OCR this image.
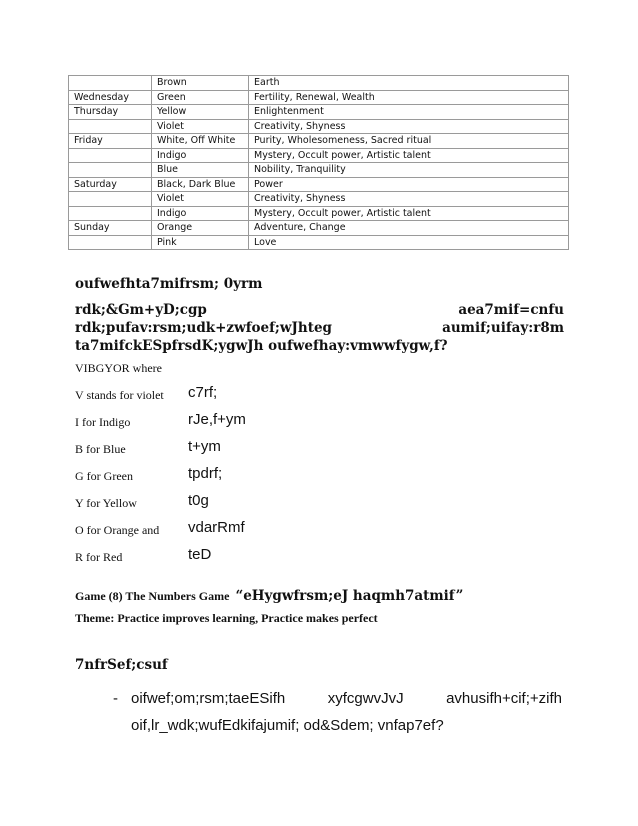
	Brown	Earth
Wednesday	Green	Fertility, Renewal, Wealth
Thursday	Yellow	Enlightenment
	Violet	Creativity, Shyness
Friday	White, Off White	Purity, Wholesomeness, Sacred ritual
	Indigo	Mystery, Occult power, Artistic talent
	Blue	Nobility, Tranquility
Saturday	Black, Dark Blue	Power
	Violet	Creativity, Shyness
	Indigo	Mystery, Occult power, Artistic talent
Sunday	Orange	Adventure, Change
	Pink	Love
oufwefhta7mifrsm; 0yrm
rdk;&Gm+yD;cgp	aea7mif=cnfu
rdk;pufav:rsm;udk+zwfoef;wJhteg	aumif;uifay:r8m
ta7mifckESpfrsdK;ygwJh oufwefhay:vmwwfygw,f?
VIBGYOR where
V stands for violet c7rf;
I for Indigo	rJe,f+ym
B for Blue	t+ym
G for Green	tpdrf;
Y for Yellow	t0g
O for Orange and vdarRmf
R for Red	teD
Game (8) The Numbers Game “eHygwfrsm;eJ haqmh7atmif”
Theme: Practice improves learning, Practice makes perfect
7nfrSef;csuf
- oifwef;om;rsm;taeESifh	xyfcgwvJvJ	avhusifh+cif;+zifh
oif,lr_wdk;wufEdkifajumif; od&Sdem; vnfap7ef?
